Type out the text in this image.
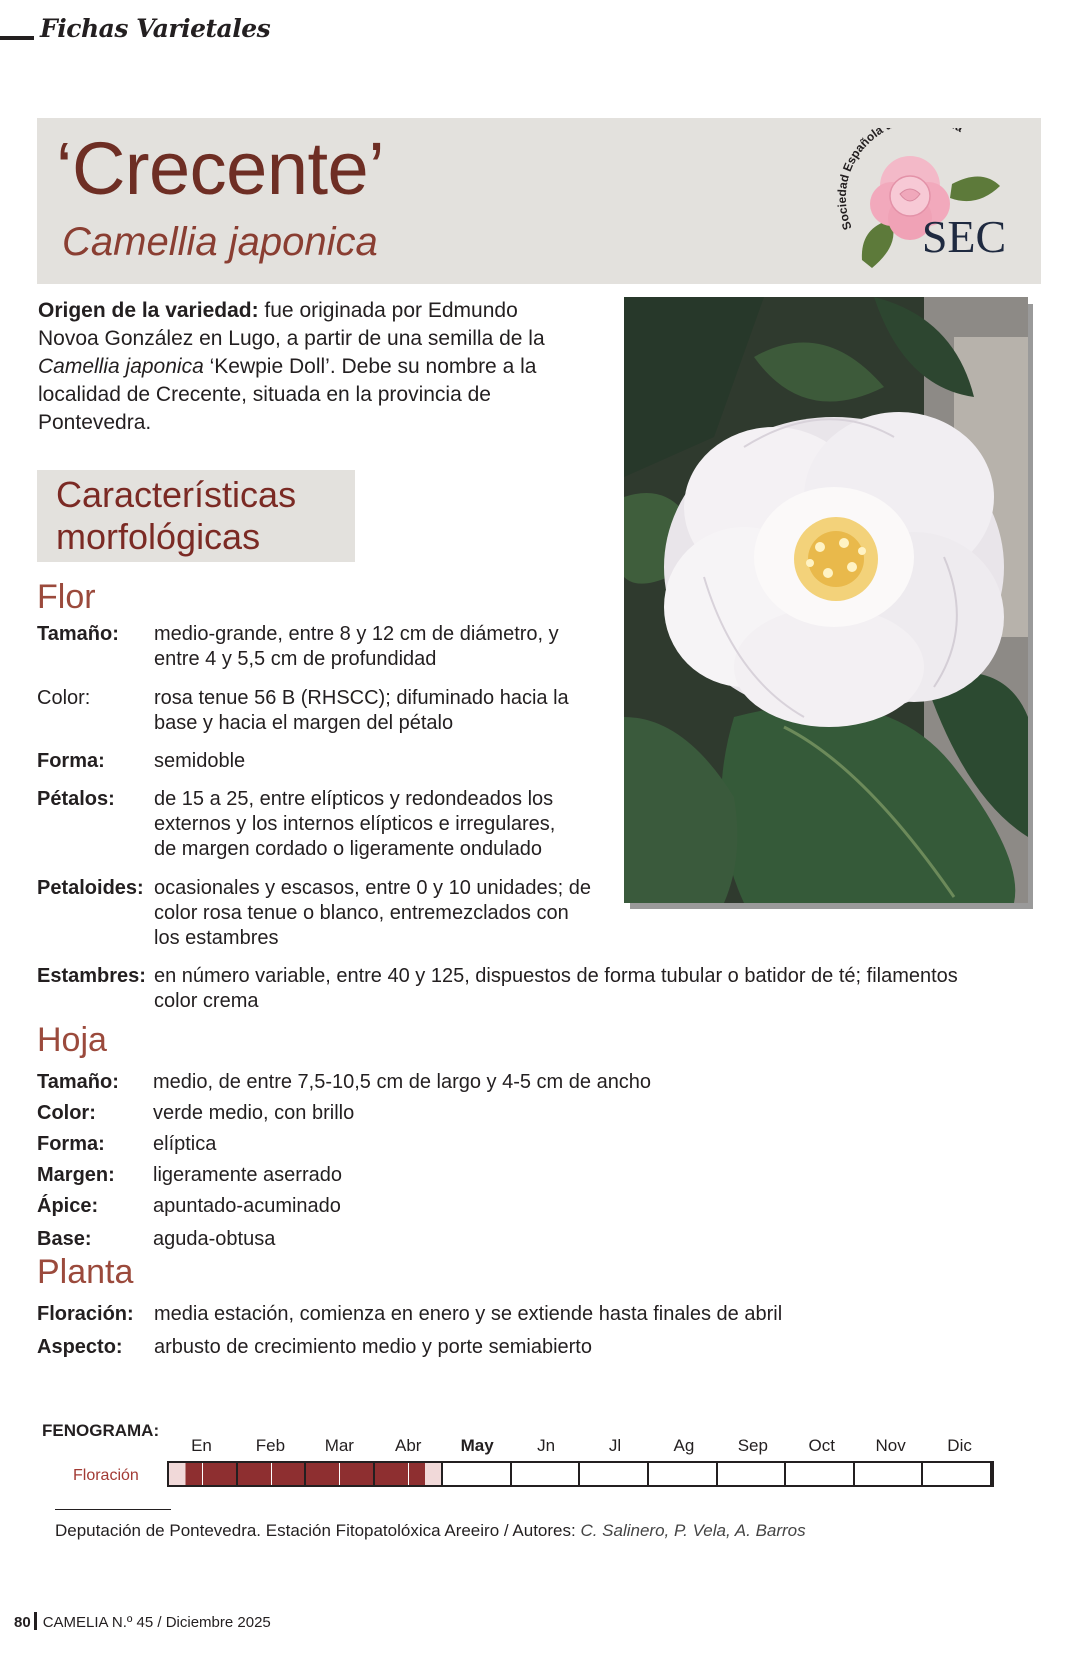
Fichas Varietales
‘Crecente’
Camellia japonica	Sociedad Española
SEC
Origen de la variedad: fue originada por Edmundo Novoa González en Lugo, a partir de una semilla de la Camellia japonica ‘Kewpie Doll’. Debe su nombre a la localidad de Crecente, situada en la provincia de Pontevedra.
Características
morfológicas
Flor
Tamaño: medio-grande, entre 8 y 12 cm de diámetro, y
entre 4 y 5,5 cm de profundidad
Color:	rosa tenue 56 B (RHSCC); difuminado hacia la
base y hacia el margen del pétalo
Forma: semidoble
Pétalos: de 15 a 25, entre elípticos y redondeados los
externos y los internos elípticos e irregulares,
de margen cordado o ligeramente ondulado
Petaloides: ocasionales y escasos, entre 0 y 10 unidades; de
color rosa tenue o blanco, entremezclados con
los estambres
Estambres: en número variable, entre 40 y 125, dispuestos de forma tubular o batidor de té; filamentos
color crema
Hoja
Tamaño: medio, de entre 7,5-10,5 cm de largo y 4-5 cm de ancho
Color:	verde medio, con brillo
Forma: elíptica
Margen: ligeramente aserrado
Ápice:	apuntado-acuminado
Base:	aguda-obtusa
Planta
Floración: media estación, comienza en enero y se extiende hasta finales de abril
Aspecto: arbusto de crecimiento medio y porte semiabierto
FENOGRAMA:
En	Feb	Mar	Abr	May	Jn	Jl	Ag	Sep	Oct	Nov	Dic
Floración
Deputación de Pontevedra. Estación Fitopatolóxica Areeiro / Autores: C. Salinero, P. Vela, A. Barros
80 CAMELIA N.º 45 / Diciembre 2025
